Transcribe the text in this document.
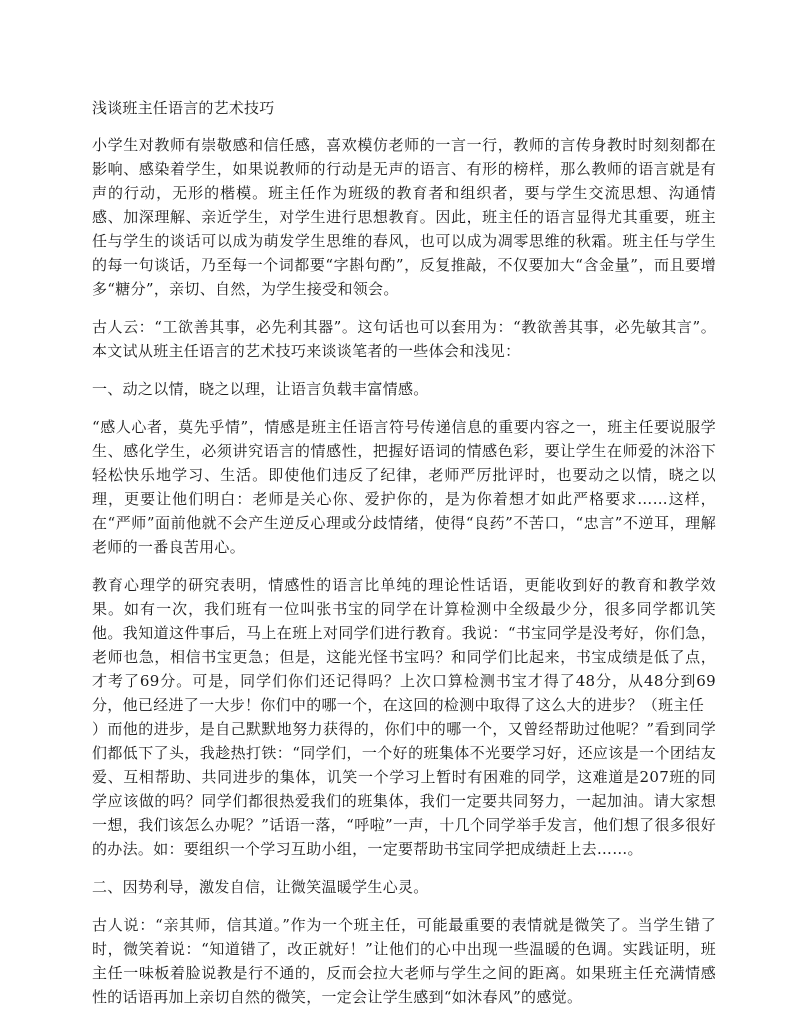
浅谈班主任语言的艺术技巧

小学生对教师有崇敬感和信任感，喜欢模仿老师的一言一行，教师的言传身教时时刻刻都在影响、感染着学生，如果说教师的行动是无声的语言、有形的榜样，那么教师的语言就是有声的行动，无形的楷模。班主任作为班级的教育者和组织者，要与学生交流思想、沟通情感、加深理解、亲近学生，对学生进行思想教育。因此，班主任的语言显得尤其重要，班主任与学生的谈话可以成为萌发学生思维的春风，也可以成为凋零思维的秋霜。班主任与学生的每一句谈话，乃至每一个词都要“字斟句酌”，反复推敲，不仅要加大“含金量”，而且要增多“糖分”，亲切、自然，为学生接受和领会。

古人云：“工欲善其事，必先利其器”。这句话也可以套用为：“教欲善其事，必先敏其言”。本文试从班主任语言的艺术技巧来谈谈笔者的一些体会和浅见：

一、动之以情，晓之以理，让语言负载丰富情感。

“感人心者，莫先乎情”，情感是班主任语言符号传递信息的重要内容之一，班主任要说服学生、感化学生，必须讲究语言的情感性，把握好语词的情感色彩，要让学生在师爱的沐浴下轻松快乐地学习、生活。即使他们违反了纪律，老师严厉批评时，也要动之以情，晓之以理，更要让他们明白：老师是关心你、爱护你的，是为你着想才如此严格要求……这样，在“严师”面前他就不会产生逆反心理或分歧情绪，使得“良药”不苦口，“忠言”不逆耳，理解老师的一番良苦用心。

教育心理学的研究表明，情感性的语言比单纯的理论性话语，更能收到好的教育和教学效果。如有一次，我们班有一位叫张书宝的同学在计算检测中全级最少分，很多同学都讥笑他。我知道这件事后，马上在班上对同学们进行教育。我说：“书宝同学是没考好，你们急，老师也急，相信书宝更急；但是，这能光怪书宝吗？和同学们比起来，书宝成绩是低了点，才考了69分。可是，同学们你们还记得吗？上次口算检测书宝才得了48分，从48分到69分，他已经进了一大步！你们中的哪一个，在这回的检测中取得了这么大的进步？（班主任

）而他的进步，是自己默默地努力获得的，你们中的哪一个，又曾经帮助过他呢？”看到同学们都低下了头，我趁热打铁：“同学们，一个好的班集体不光要学习好，还应该是一个团结友爱、互相帮助、共同进步的集体，讥笑一个学习上暂时有困难的同学，这难道是207班的同学应该做的吗？同学们都很热爱我们的班集体，我们一定要共同努力，一起加油。请大家想一想，我们该怎么办呢？”话语一落，“呼啦”一声，十几个同学举手发言，他们想了很多很好的办法。如：要组织一个学习互助小组，一定要帮助书宝同学把成绩赶上去……。

二、因势利导，激发自信，让微笑温暖学生心灵。

古人说：“亲其师，信其道。”作为一个班主任，可能最重要的表情就是微笑了。当学生错了时，微笑着说：“知道错了，改正就好！”让他们的心中出现一些温暖的色调。实践证明，班主任一味板着脸说教是行不通的，反而会拉大老师与学生之间的距离。如果班主任充满情感性的话语再加上亲切自然的微笑，一定会让学生感到“如沐春风”的感觉。
